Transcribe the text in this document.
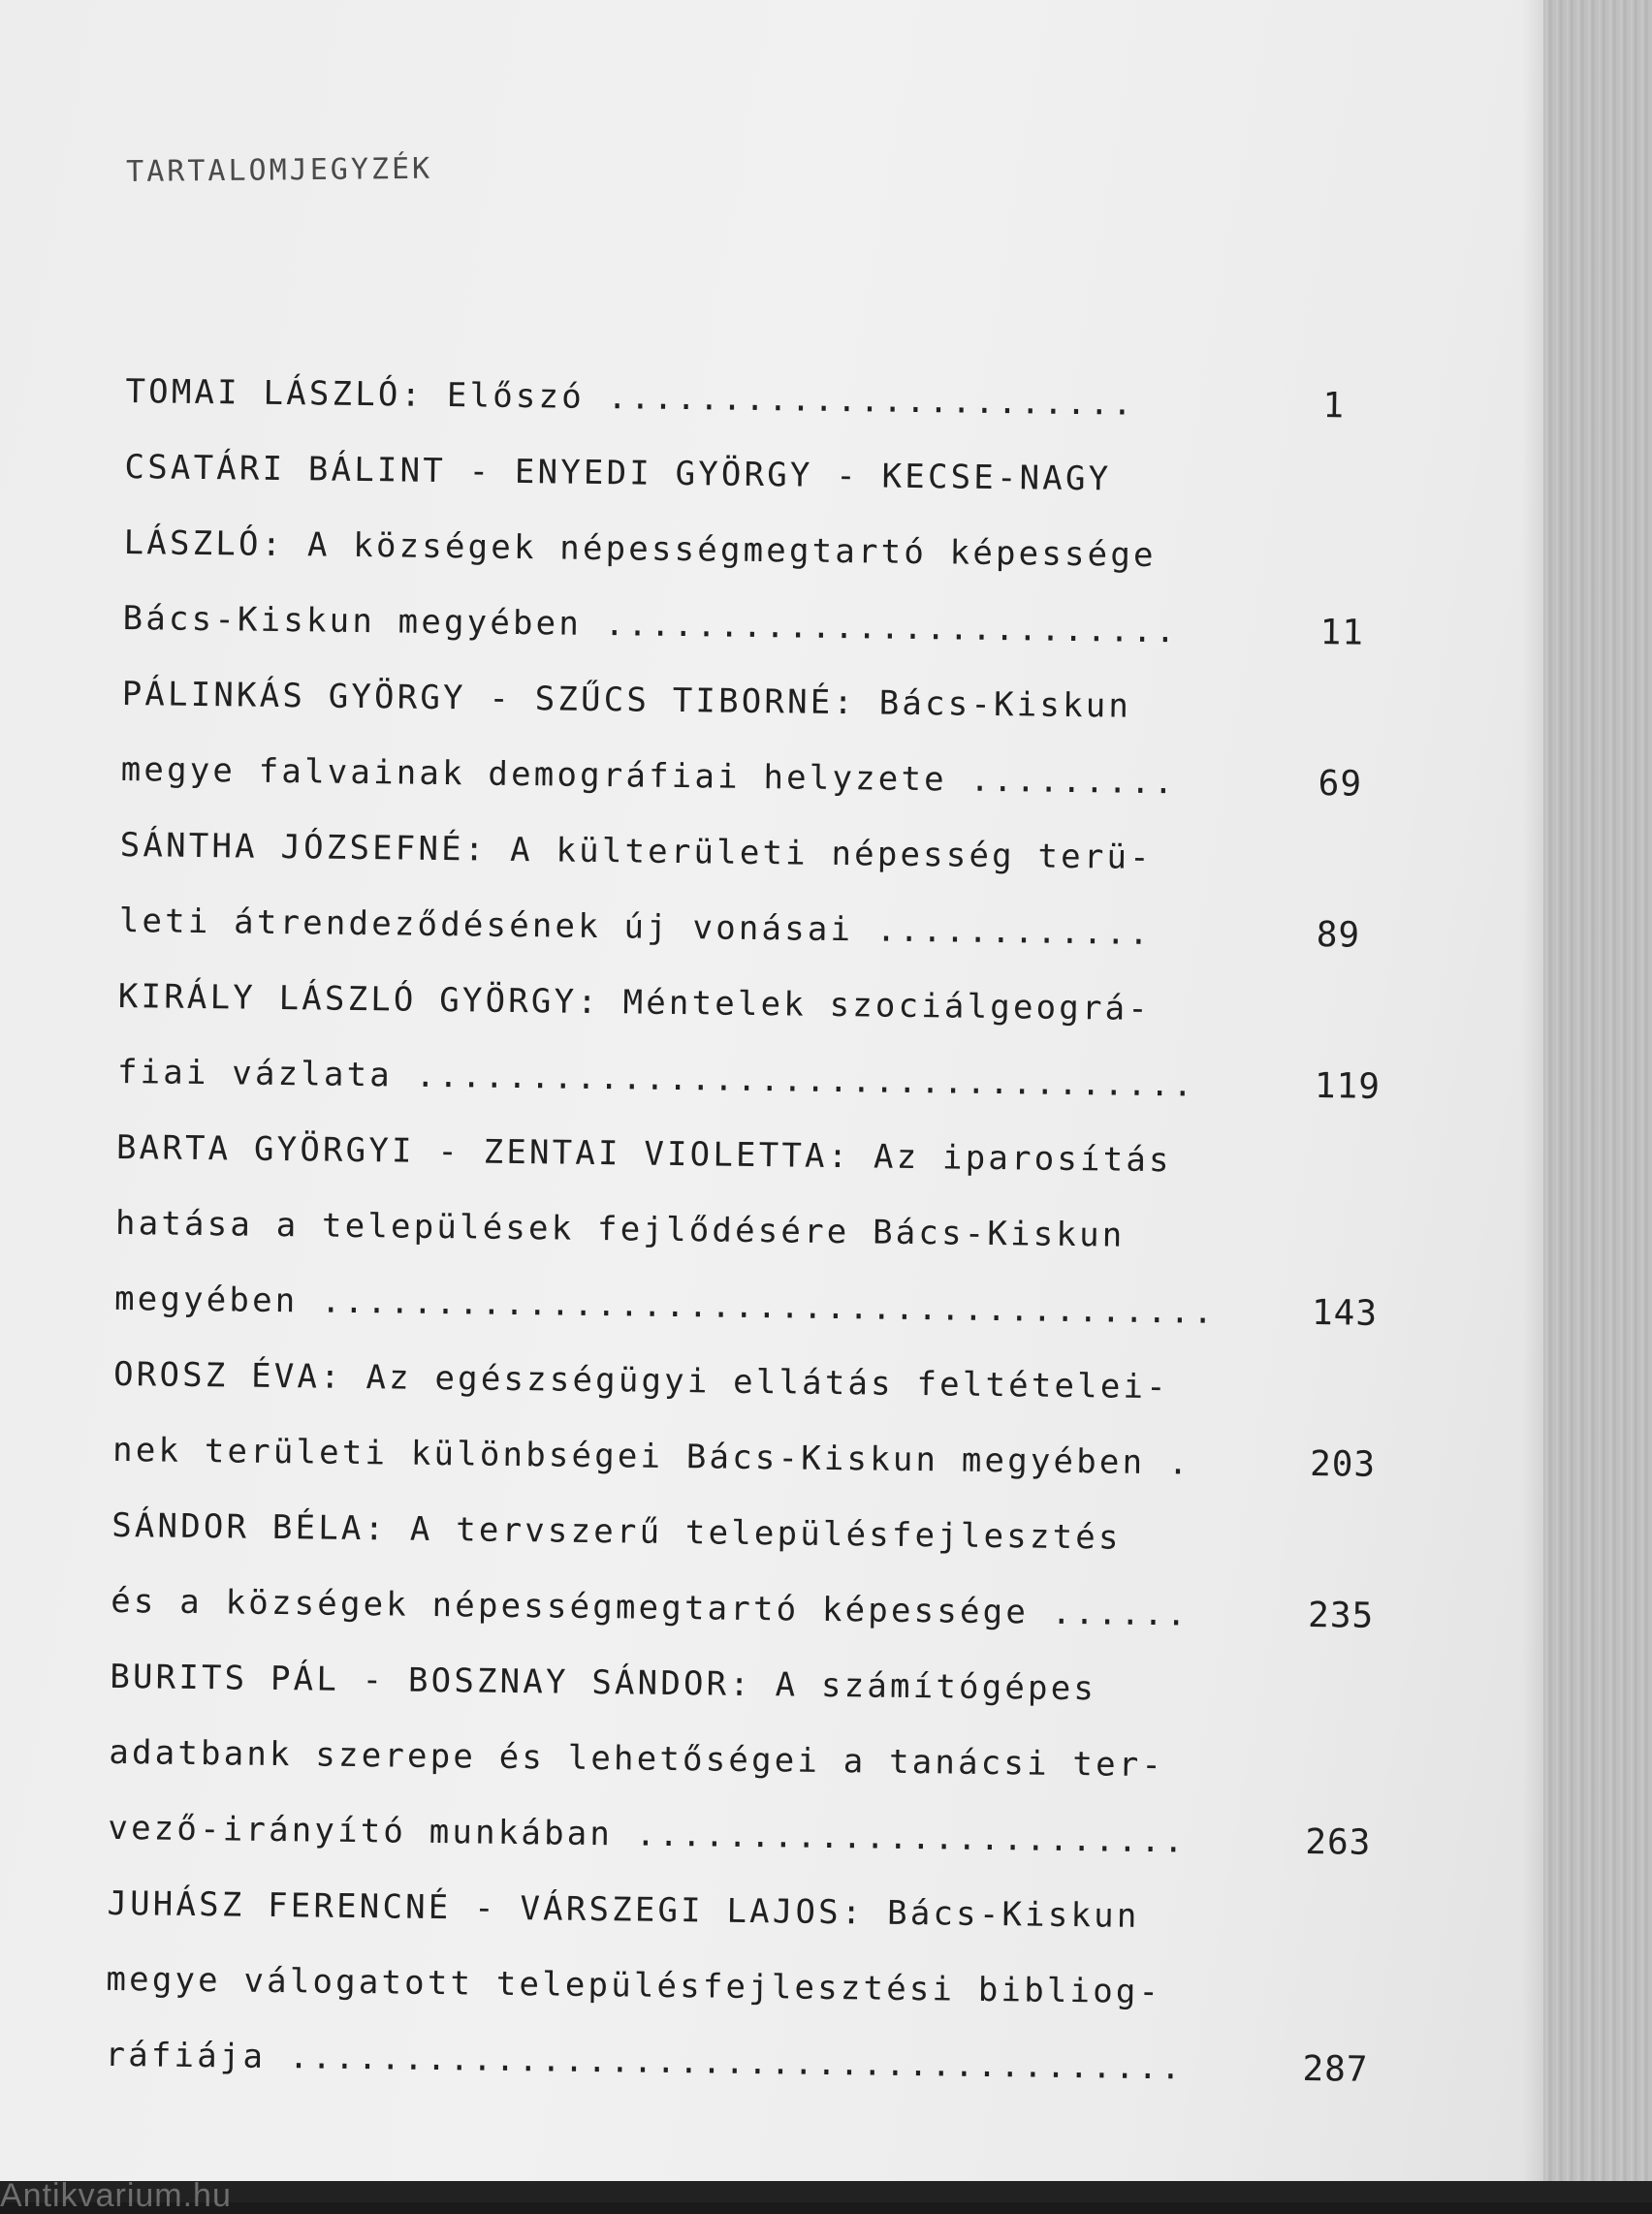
TARTALOMJEGYZÉK
TOMAI LÁSZLÓ: Előszó .......................	1
CSATÁRI BÁLINT - ENYEDI GYÖRGY - KECSE-NAGY
LÁSZLÓ: A községek népességmegtartó képessége
Bács-Kiskun megyében .........................	11
PÁLINKÁS GYÖRGY - SZŰCS TIBORNÉ: Bács-Kiskun
megye falvainak demográfiai helyzete .........	69
SÁNTHA JÓZSEFNÉ: A külterületi népesség terü-
leti átrendeződésének új vonásai ............	89
KIRÁLY LÁSZLÓ GYÖRGY: Méntelek szociálgeográ-
fiai vázlata ..................................	119
BARTA GYÖRGYI - ZENTAI VIOLETTA: Az iparosítás
hatása a települések fejlődésére Bács-Kiskun
megyében .......................................	143
OROSZ ÉVA: Az egészségügyi ellátás feltételei-
nek területi különbségei Bács-Kiskun megyében .	203
SÁNDOR BÉLA: A tervszerű településfejlesztés
és a községek népességmegtartó képessége ......	235
BURITS PÁL - BOSZNAY SÁNDOR: A számítógépes
adatbank szerepe és lehetőségei a tanácsi ter-
vező-irányító munkában ........................	263
JUHÁSZ FERENCNÉ - VÁRSZEGI LAJOS: Bács-Kiskun
megye válogatott településfejlesztési bibliog-
ráfiája .......................................	287
Antikvarium.hu
